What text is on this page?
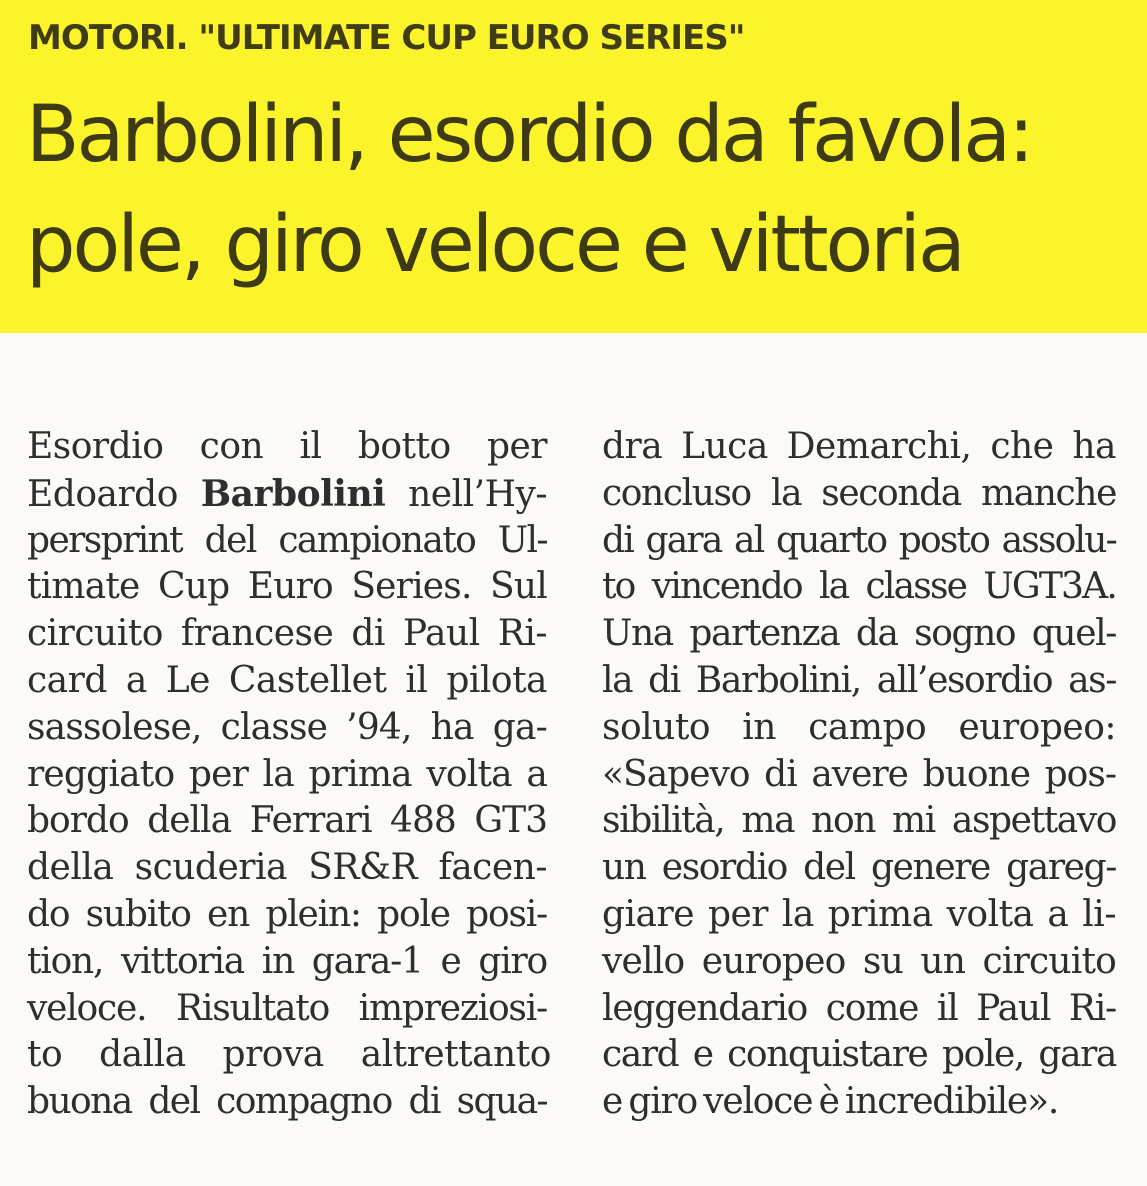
MOTORI. "ULTIMATE CUP EURO SERIES"

Barbolini, esordio da favola:
pole, giro veloce e vittoria
Esordio con il botto per
Edoardo Barbolini nell’Hy-
persprint del campionato Ul-
timate Cup Euro Series. Sul
circuito francese di Paul Ri-
card a Le Castellet il pilota
sassolese, classe ’94, ha ga-
reggiato per la prima volta a
bordo della Ferrari 488 GT3
della scuderia SR&R facen-
do subito en plein: pole posi-
tion, vittoria in gara-1 e giro
veloce. Risultato impreziosi-
to dalla prova altrettanto
buona del compagno di squa-
dra Luca Demarchi, che ha
concluso la seconda manche
di gara al quarto posto assolu-
to vincendo la classe UGT3A.
Una partenza da sogno quel-
la di Barbolini, all’esordio as-
soluto in campo europeo:
«Sapevo di avere buone pos-
sibilità, ma non mi aspettavo
un esordio del genere gareg-
giare per la prima volta a li-
vello europeo su un circuito
leggendario come il Paul Ri-
card e conquistare pole, gara
e giro veloce è incredibile».
